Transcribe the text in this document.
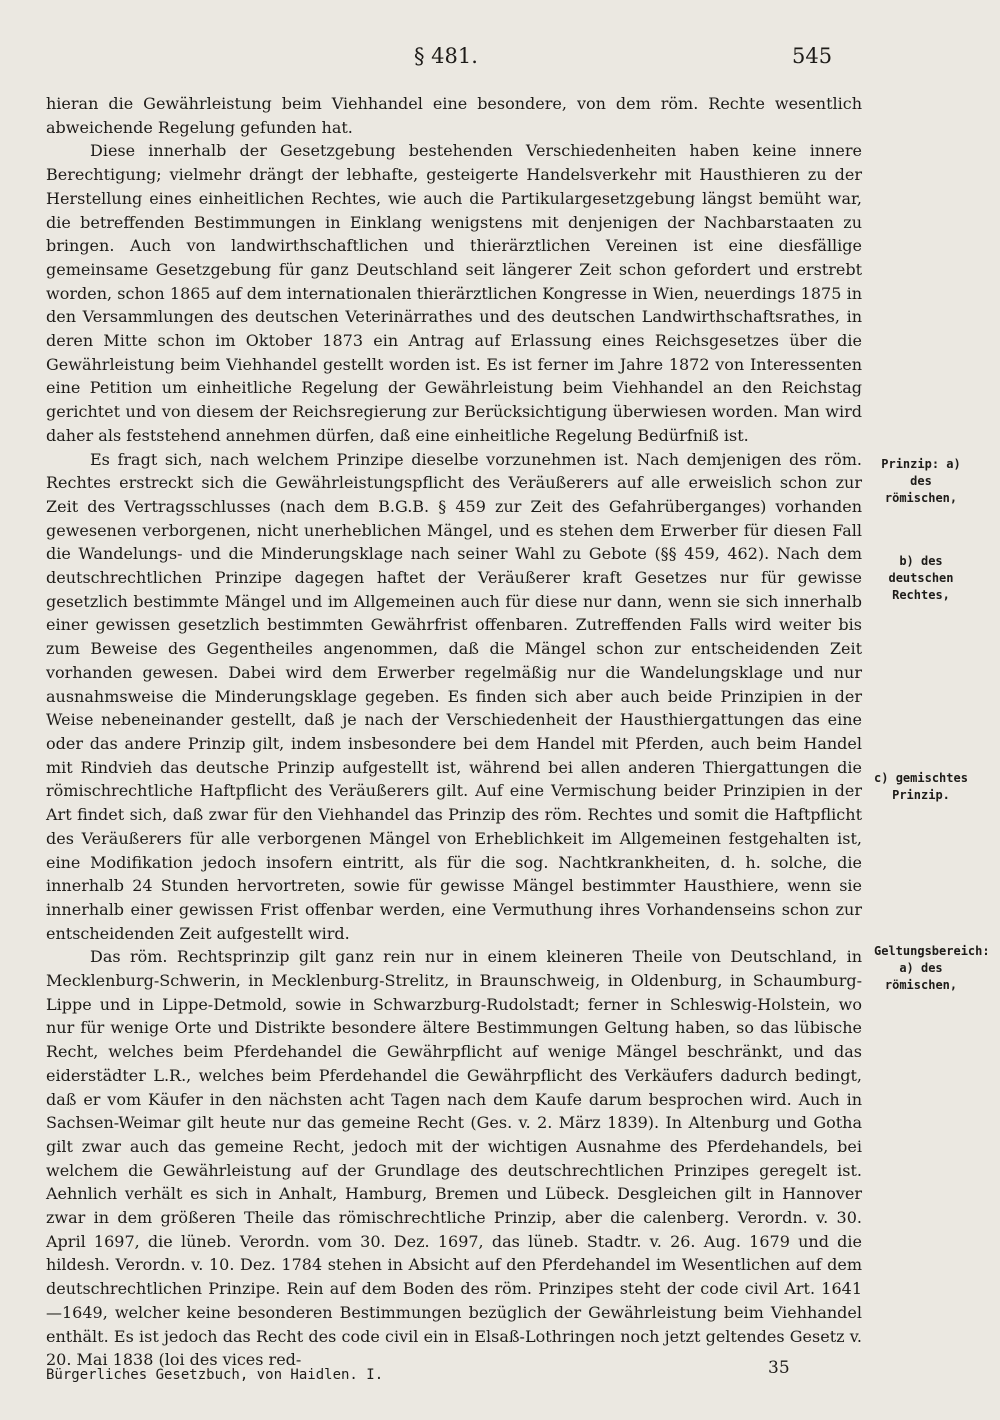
§ 481.	545

hieran die Gewährleistung beim Viehhandel eine besondere, von dem röm. Rechte wesentlich abweichende Regelung gefunden hat.

Diese innerhalb der Gesetzgebung bestehenden Verschiedenheiten haben keine innere Berechtigung; vielmehr drängt der lebhafte, gesteigerte Handelsverkehr mit Hausthieren zu der Herstellung eines einheitlichen Rechtes, wie auch die Partikulargesetzgebung längst bemüht war, die betreffenden Bestimmungen in Einklang wenigstens mit denjenigen der Nachbarstaaten zu bringen. Auch von landwirthschaftlichen und thierärztlichen Vereinen ist eine diesfällige gemeinsame Gesetzgebung für ganz Deutschland seit längerer Zeit schon gefordert und erstrebt worden, schon 1865 auf dem internationalen thierärztlichen Kongresse in Wien, neuerdings 1875 in den Versammlungen des deutschen Veterinärrathes und des deutschen Landwirthschaftsrathes, in deren Mitte schon im Oktober 1873 ein Antrag auf Erlassung eines Reichsgesetzes über die Gewährleistung beim Viehhandel gestellt worden ist. Es ist ferner im Jahre 1872 von Interessenten eine Petition um einheitliche Regelung der Gewährleistung beim Viehhandel an den Reichstag gerichtet und von diesem der Reichsregierung zur Berücksichtigung überwiesen worden. Man wird daher als feststehend annehmen dürfen, daß eine einheitliche Regelung Bedürfniß ist.

Es fragt sich, nach welchem Prinzipe dieselbe vorzunehmen ist. Nach demjenigen des röm. Rechtes erstreckt sich die Gewährleistungspflicht des Veräußerers auf alle erweislich schon zur Zeit des Vertragsschlusses (nach dem B.G.B. § 459 zur Zeit des Gefahrüberganges) vorhanden gewesenen verborgenen, nicht unerheblichen Mängel, und es stehen dem Erwerber für diesen Fall die Wandelungs- und die Minderungsklage nach seiner Wahl zu Gebote (§§ 459, 462). Nach dem deutschrechtlichen Prinzipe dagegen haftet der Veräußerer kraft Gesetzes nur für gewisse gesetzlich bestimmte Mängel und im Allgemeinen auch für diese nur dann, wenn sie sich innerhalb einer gewissen gesetzlich bestimmten Gewährfrist offenbaren. Zutreffenden Falls wird weiter bis zum Beweise des Gegentheiles angenommen, daß die Mängel schon zur entscheidenden Zeit vorhanden gewesen. Dabei wird dem Erwerber regelmäßig nur die Wandelungsklage und nur ausnahmsweise die Minderungsklage gegeben. Es finden sich aber auch beide Prinzipien in der Weise nebeneinander gestellt, daß je nach der Verschiedenheit der Hausthiergattungen das eine oder das andere Prinzip gilt, indem insbesondere bei dem Handel mit Pferden, auch beim Handel mit Rindvieh das deutsche Prinzip aufgestellt ist, während bei allen anderen Thiergattungen die römischrechtliche Haftpflicht des Veräußerers gilt. Auf eine Vermischung beider Prinzipien in der Art findet sich, daß zwar für den Viehhandel das Prinzip des röm. Rechtes und somit die Haftpflicht des Veräußerers für alle verborgenen Mängel von Erheblichkeit im Allgemeinen festgehalten ist, eine Modifikation jedoch insofern eintritt, als für die sog. Nachtkrankheiten, d. h. solche, die innerhalb 24 Stunden hervortreten, sowie für gewisse Mängel bestimmter Hausthiere, wenn sie innerhalb einer gewissen Frist offenbar werden, eine Vermuthung ihres Vorhandenseins schon zur entscheidenden Zeit aufgestellt wird.

Das röm. Rechtsprinzip gilt ganz rein nur in einem kleineren Theile von Deutschland, in Mecklenburg-Schwerin, in Mecklenburg-Strelitz, in Braunschweig, in Oldenburg, in Schaumburg-Lippe und in Lippe-Detmold, sowie in Schwarzburg-Rudolstadt; ferner in Schleswig-Holstein, wo nur für wenige Orte und Distrikte besondere ältere Bestimmungen Geltung haben, so das lübische Recht, welches beim Pferdehandel die Gewährpflicht auf wenige Mängel beschränkt, und das eiderstädter L.R., welches beim Pferdehandel die Gewährpflicht des Verkäufers dadurch bedingt, daß er vom Käufer in den nächsten acht Tagen nach dem Kaufe darum besprochen wird. Auch in Sachsen-Weimar gilt heute nur das gemeine Recht (Ges. v. 2. März 1839). In Altenburg und Gotha gilt zwar auch das gemeine Recht, jedoch mit der wichtigen Ausnahme des Pferdehandels, bei welchem die Gewährleistung auf der Grundlage des deutschrechtlichen Prinzipes geregelt ist. Aehnlich verhält es sich in Anhalt, Hamburg, Bremen und Lübeck. Desgleichen gilt in Hannover zwar in dem größeren Theile das römischrechtliche Prinzip, aber die calenberg. Verordn. v. 30. April 1697, die lüneb. Verordn. vom 30. Dez. 1697, das lüneb. Stadtr. v. 26. Aug. 1679 und die hildesh. Verordn. v. 10. Dez. 1784 stehen in Absicht auf den Pferdehandel im Wesentlichen auf dem deutschrechtlichen Prinzipe. Rein auf dem Boden des röm. Prinzipes steht der code civil Art. 1641—1649, welcher keine besonderen Bestimmungen bezüglich der Gewährleistung beim Viehhandel enthält. Es ist jedoch das Recht des code civil ein in Elsaß-Lothringen noch jetzt geltendes Gesetz v. 20. Mai 1838 (loi des vices red-

Prinzip: a) des römischen,
b) des deutschen Rechtes,
c) gemischtes Prinzip.
Geltungsbereich: a) des römischen,
35
Bürgerliches Gesetzbuch, von Haidlen. I.
